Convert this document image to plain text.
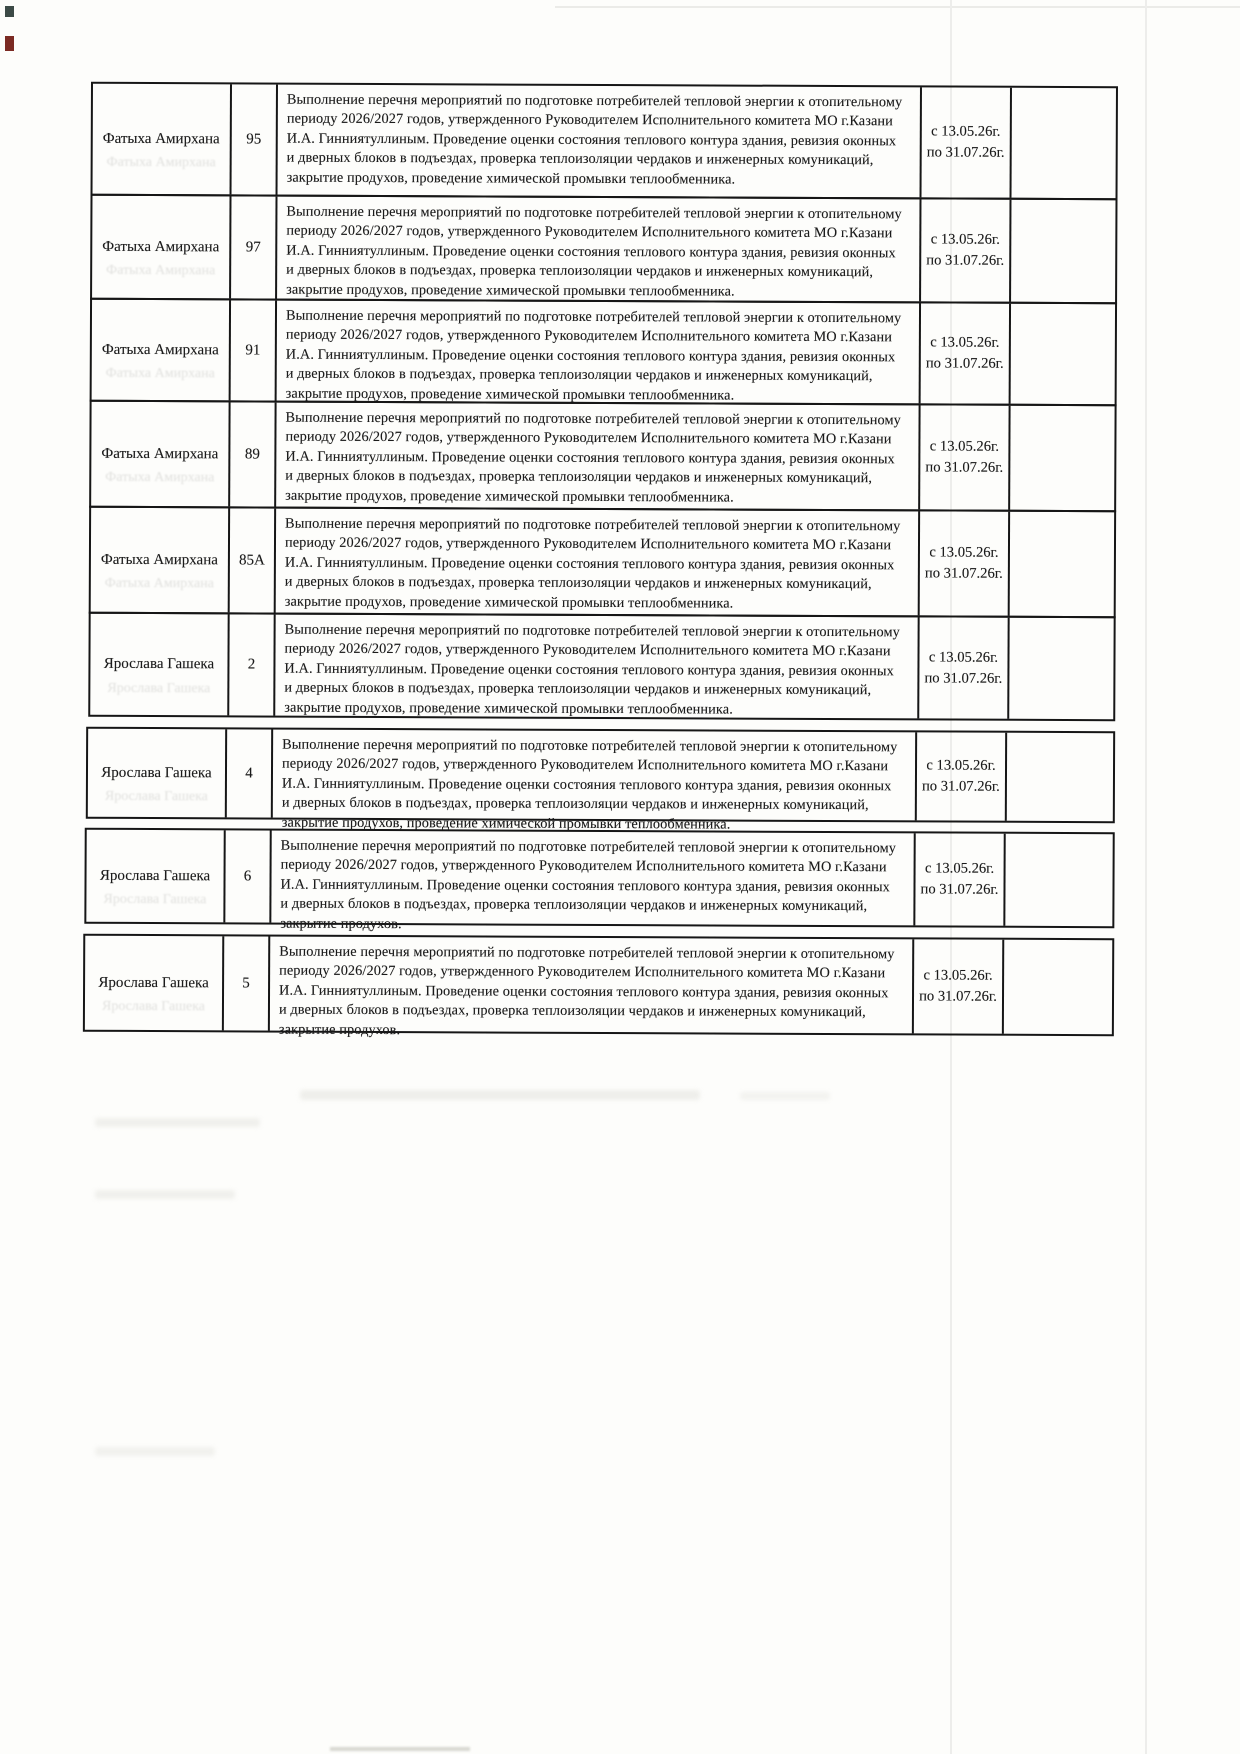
Фатыха Амирхана
Фатыха Амирхана
95
Выполнение перечня мероприятий по подготовке потребителей тепловой энергии к отопительному
периоду 2026/2027 годов, утвержденного Руководителем Исполнительного комитета МО г.Казани
И.А. Гинниятуллиным. Проведение оценки состояния теплового контура здания, ревизия оконных
и дверных блоков в подъездах, проверка теплоизоляции чердаков и инженерных комуникаций,
закрытие продухов, проведение химической промывки теплообменника.
с 13.05.26г.
по 31.07.26г.
Фатыха Амирхана
Фатыха Амирхана
97
Выполнение перечня мероприятий по подготовке потребителей тепловой энергии к отопительному
периоду 2026/2027 годов, утвержденного Руководителем Исполнительного комитета МО г.Казани
И.А. Гинниятуллиным. Проведение оценки состояния теплового контура здания, ревизия оконных
и дверных блоков в подъездах, проверка теплоизоляции чердаков и инженерных комуникаций,
закрытие продухов, проведение химической промывки теплообменника.
с 13.05.26г.
по 31.07.26г.
Фатыха Амирхана
Фатыха Амирхана
91
Выполнение перечня мероприятий по подготовке потребителей тепловой энергии к отопительному
периоду 2026/2027 годов, утвержденного Руководителем Исполнительного комитета МО г.Казани
И.А. Гинниятуллиным. Проведение оценки состояния теплового контура здания, ревизия оконных
и дверных блоков в подъездах, проверка теплоизоляции чердаков и инженерных комуникаций,
закрытие продухов, проведение химической промывки теплообменника.
с 13.05.26г.
по 31.07.26г.
Фатыха Амирхана
Фатыха Амирхана
89
Выполнение перечня мероприятий по подготовке потребителей тепловой энергии к отопительному
периоду 2026/2027 годов, утвержденного Руководителем Исполнительного комитета МО г.Казани
И.А. Гинниятуллиным. Проведение оценки состояния теплового контура здания, ревизия оконных
и дверных блоков в подъездах, проверка теплоизоляции чердаков и инженерных комуникаций,
закрытие продухов, проведение химической промывки теплообменника.
с 13.05.26г.
по 31.07.26г.
Фатыха Амирхана
Фатыха Амирхана
85А
Выполнение перечня мероприятий по подготовке потребителей тепловой энергии к отопительному
периоду 2026/2027 годов, утвержденного Руководителем Исполнительного комитета МО г.Казани
И.А. Гинниятуллиным. Проведение оценки состояния теплового контура здания, ревизия оконных
и дверных блоков в подъездах, проверка теплоизоляции чердаков и инженерных комуникаций,
закрытие продухов, проведение химической промывки теплообменника.
с 13.05.26г.
по 31.07.26г.
Ярослава Гашека
Ярослава Гашека
2
Выполнение перечня мероприятий по подготовке потребителей тепловой энергии к отопительному
периоду 2026/2027 годов, утвержденного Руководителем Исполнительного комитета МО г.Казани
И.А. Гинниятуллиным. Проведение оценки состояния теплового контура здания, ревизия оконных
и дверных блоков в подъездах, проверка теплоизоляции чердаков и инженерных комуникаций,
закрытие продухов, проведение химической промывки теплообменника.
с 13.05.26г.
по 31.07.26г.
Ярослава Гашека
Ярослава Гашека
4
Выполнение перечня мероприятий по подготовке потребителей тепловой энергии к отопительному
периоду 2026/2027 годов, утвержденного Руководителем Исполнительного комитета МО г.Казани
И.А. Гинниятуллиным. Проведение оценки состояния теплового контура здания, ревизия оконных
и дверных блоков в подъездах, проверка теплоизоляции чердаков и инженерных комуникаций,
закрытие продухов, проведение химической промывки теплообменника.
с 13.05.26г.
по 31.07.26г.
Ярослава Гашека
Ярослава Гашека
6
Выполнение перечня мероприятий по подготовке потребителей тепловой энергии к отопительному
периоду 2026/2027 годов, утвержденного Руководителем Исполнительного комитета МО г.Казани
И.А. Гинниятуллиным. Проведение оценки состояния теплового контура здания, ревизия оконных
и дверных блоков в подъездах, проверка теплоизоляции чердаков и инженерных комуникаций,
закрытие продухов.
с 13.05.26г.
по 31.07.26г.
Ярослава Гашека
Ярослава Гашека
5
Выполнение перечня мероприятий по подготовке потребителей тепловой энергии к отопительному
периоду 2026/2027 годов, утвержденного Руководителем Исполнительного комитета МО г.Казани
И.А. Гинниятуллиным. Проведение оценки состояния теплового контура здания, ревизия оконных
и дверных блоков в подъездах, проверка теплоизоляции чердаков и инженерных комуникаций,
закрытие продухов.
с 13.05.26г.
по 31.07.26г.
